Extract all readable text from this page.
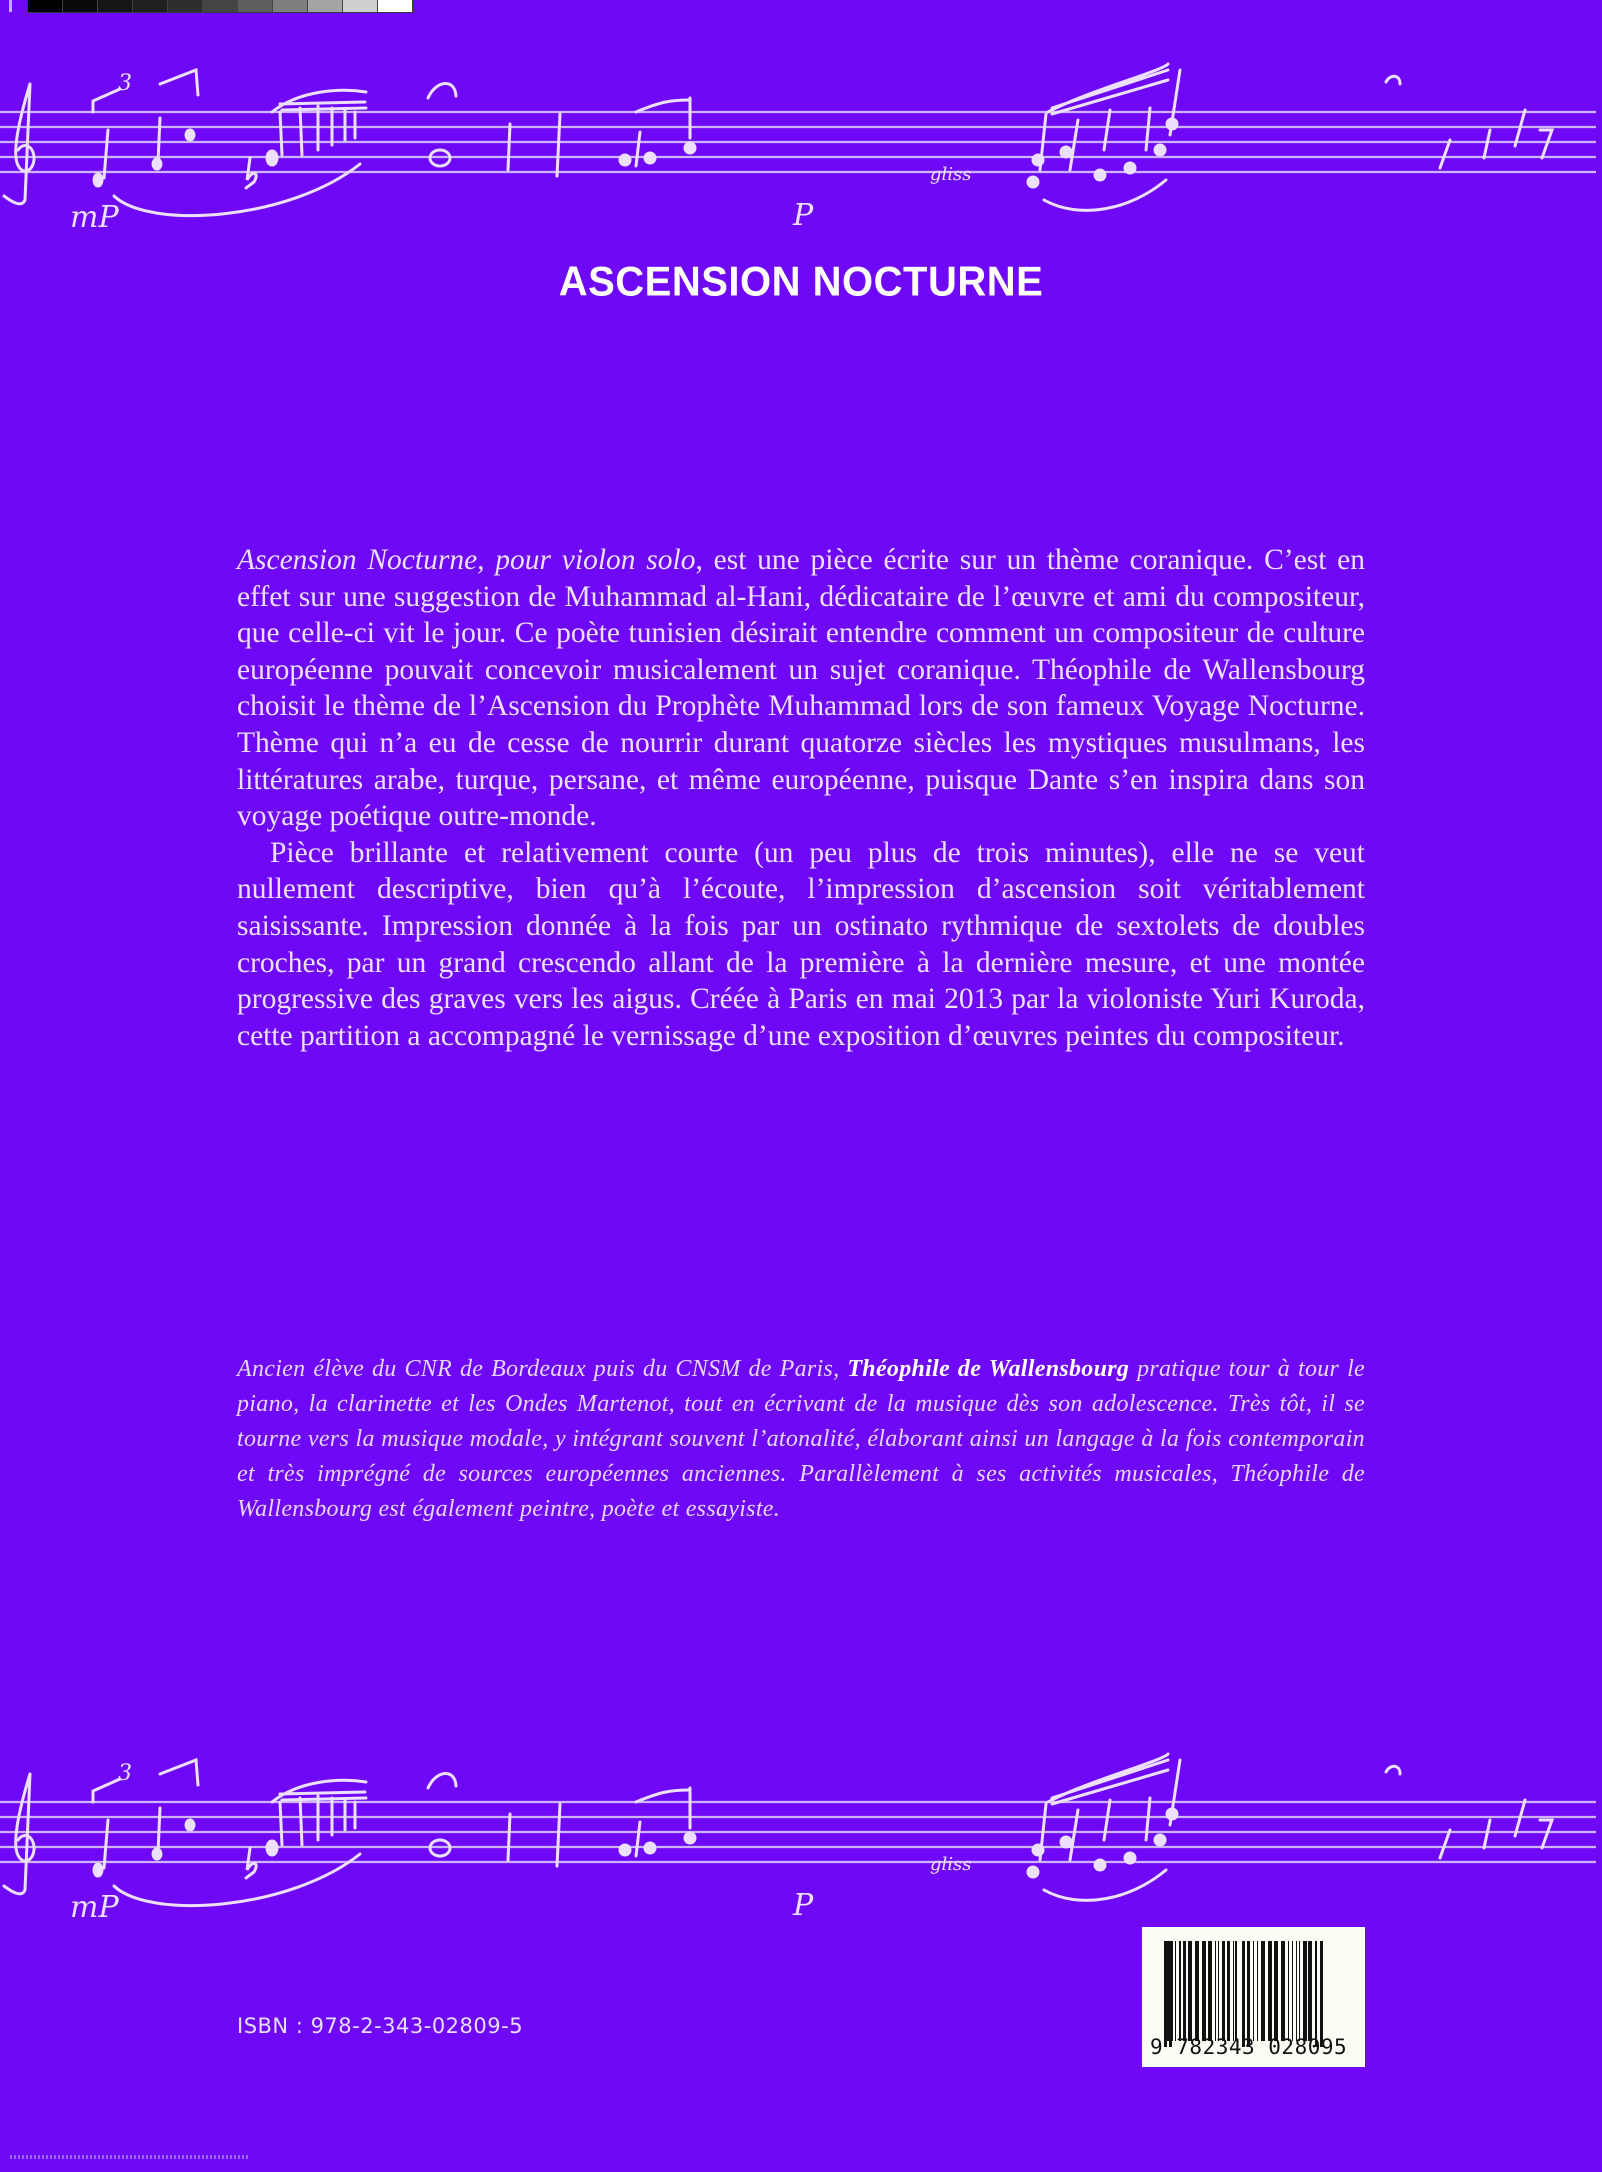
3
mP	P
gliss
ASCENSION NOCTURNE

Ascension Nocturne, pour violon solo, est une pièce écrite sur un thème coranique. C’est en effet sur une suggestion de Muhammad al-Hani, dédicataire de l’œuvre et ami du compositeur, que celle-ci vit le jour. Ce poète tunisien désirait entendre comment un compositeur de culture européenne pouvait concevoir musicalement un sujet coranique. Théophile de Wallensbourg choisit le thème de l’Ascension du Prophète Muhammad lors de son fameux Voyage Nocturne. Thème qui n’a eu de cesse de nourrir durant quatorze siècles les mystiques musulmans, les littératures arabe, turque, persane, et même européenne, puisque Dante s’en inspira dans son voyage poétique outre-monde.

Pièce brillante et relativement courte (un peu plus de trois minutes), elle ne se veut nullement descriptive, bien qu’à l’écoute, l’impression d’ascension soit véritablement saisissante. Impression donnée à la fois par un ostinato rythmique de sextolets de doubles croches, par un grand crescendo allant de la première à la dernière mesure, et une montée progressive des graves vers les aigus. Créée à Paris en mai 2013 par la violoniste Yuri Kuroda, cette partition a accompagné le vernissage d’une exposition d’œuvres peintes du compositeur.

Ancien élève du CNR de Bordeaux puis du CNSM de Paris, Théophile de Wallensbourg pratique tour à tour le piano, la clarinette et les Ondes Martenot, tout en écrivant de la musique dès son adolescence. Très tôt, il se tourne vers la musique modale, y intégrant souvent l’atonalité, élaborant ainsi un langage à la fois contemporain et très imprégné de sources européennes anciennes. Parallèlement à ses activités musicales, Théophile de Wallensbourg est également peintre, poète et essayiste.

3
mP	P
gliss
ISBN : 978-2-343-02809-5
9 782343 028095
